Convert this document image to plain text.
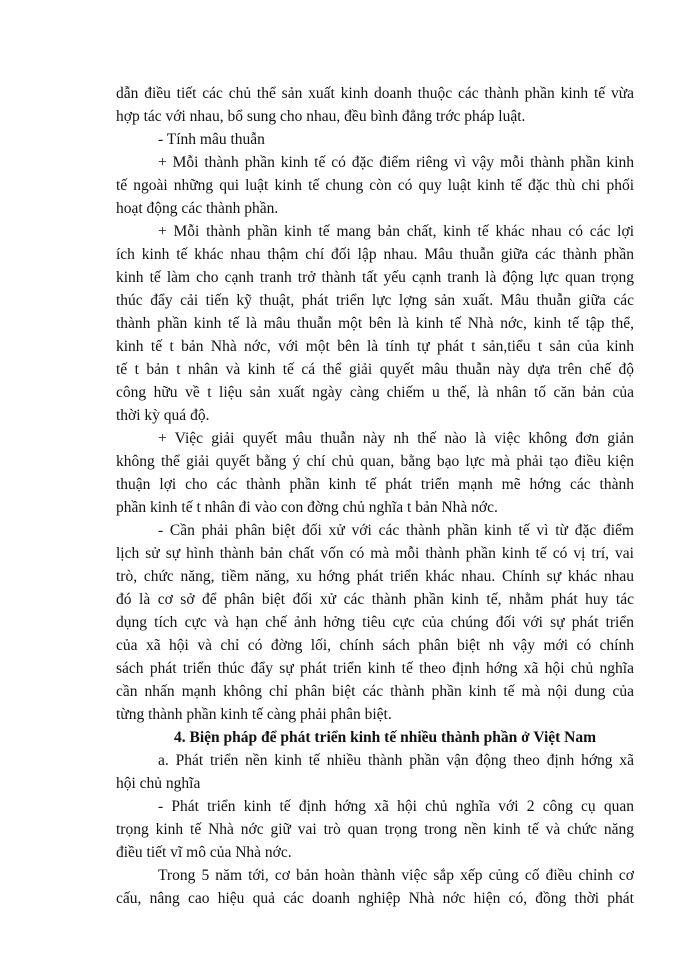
dẫn điều tiết các chủ thể sản xuất kinh doanh thuộc các thành phần kinh tế vừa
hợp tác với nhau, bổ sung cho nhau, đều bình đẳng trớc pháp luật.
- Tính mâu thuẫn
+ Mỗi thành phần kinh tế có đặc điểm riêng vì vậy mỗi thành phần kinh
tế ngoài những qui luật kinh tế chung còn có quy luật kinh tế đặc thù chi phối
hoạt động các thành phần.
+ Mỗi thành phần kinh tế mang bản chất, kinh tế khác nhau có các lợi
ích kinh tế khác nhau thậm chí đối lập nhau. Mâu thuẫn giữa các thành phần
kinh tế làm cho cạnh tranh trở thành tất yếu cạnh tranh là động lực quan trọng
thúc đẩy cải tiến kỹ thuật, phát triển lực lợng sản xuất. Mâu thuẫn giữa các
thành phần kinh tế là mâu thuẫn một bên là kinh tế Nhà nớc, kinh tế tập thể,
kinh tế t bản Nhà nớc, với một bên là tính tự phát t sản,tiểu t sản của kinh
tế t bản t nhân và kinh tế cá thể giải quyết mâu thuẫn này dựa trên chế độ
công hữu về t liệu sản xuất ngày càng chiếm u thế, là nhân tố căn bản của
thời kỳ quá độ.
+ Việc giải quyết mâu thuẫn này nh thế nào là việc không đơn giản
không thể giải quyết bằng ý chí chủ quan, bằng bạo lực mà phải tạo điều kiện
thuận lợi cho các thành phần kinh tế phát triển mạnh mẽ hớng các thành
phần kinh tế t nhân đi vào con đờng chủ nghĩa t bản Nhà nớc.
- Cần phải phân biệt đối xử với các thành phần kinh tế vì từ đặc điểm
lịch sử sự hình thành bản chất vốn có mà mỗi thành phần kinh tế có vị trí, vai
trò, chức năng, tiềm năng, xu hớng phát triển khác nhau. Chính sự khác nhau
đó là cơ sở để phân biệt đối xử các thành phần kinh tế, nhằm phát huy tác
dụng tích cực và hạn chế ảnh hởng tiêu cực của chúng đối với sự phát triển
của xã hội và chỉ có đờng lối, chính sách phân biệt nh vậy mới có chính
sách phát triển thúc đẩy sự phát triển kinh tế theo định hớng xã hội chủ nghĩa
cần nhấn mạnh không chỉ phân biệt các thành phần kinh tế mà nội dung của
từng thành phần kinh tế càng phải phân biệt.
4. Biện pháp để phát triển kinh tế nhiều thành phần ở Việt Nam
a. Phát triển nền kinh tế nhiều thành phần vận động theo định hớng xã
hội chủ nghĩa
- Phát triển kinh tế định hớng xã hội chủ nghĩa với 2 công cụ quan
trọng kinh tế Nhà nớc giữ vai trò quan trọng trong nền kinh tế và chức năng
điều tiết vĩ mô của Nhà nớc.
Trong 5 năm tới, cơ bản hoàn thành việc sắp xếp củng cố điều chỉnh cơ
cấu, nâng cao hiệu quả các doanh nghiệp Nhà nớc hiện có, đồng thời phát
